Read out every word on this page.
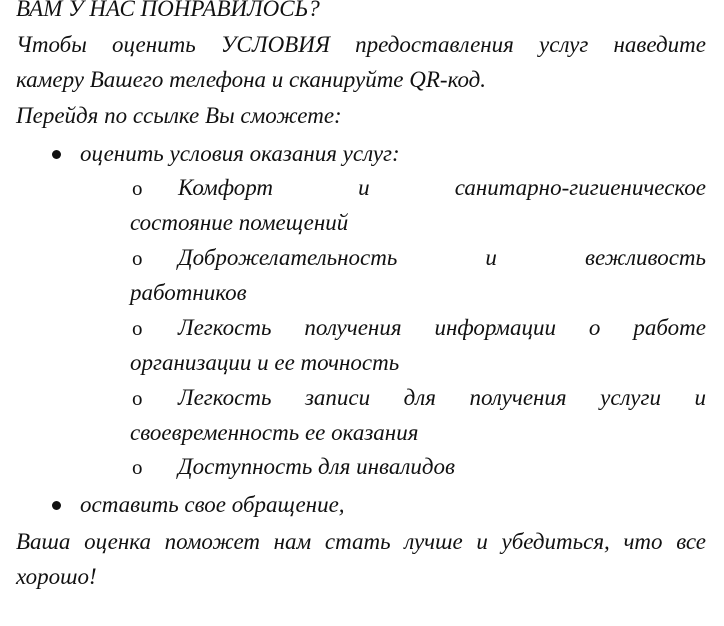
ВАМ У НАС ПОНРАВИЛОСЬ?
Чтобы оценить УСЛОВИЯ предоставления услуг наведите
камеру Вашего телефона и сканируйте QR-код.
Перейдя по ссылке Вы сможете:
оценить условия оказания услуг:
o Комфорт	и	санитарно-гигиеническое
состояние помещений
o Доброжелательность	и	вежливость
работников
o Легкость получения информации о работе
организации и ее точность
o Легкость записи для получения услуги и
своевременность ее оказания
o Доступность для инвалидов
оставить свое обращение,
Ваша оценка поможет нам стать лучше и убедиться, что все
хорошо!
